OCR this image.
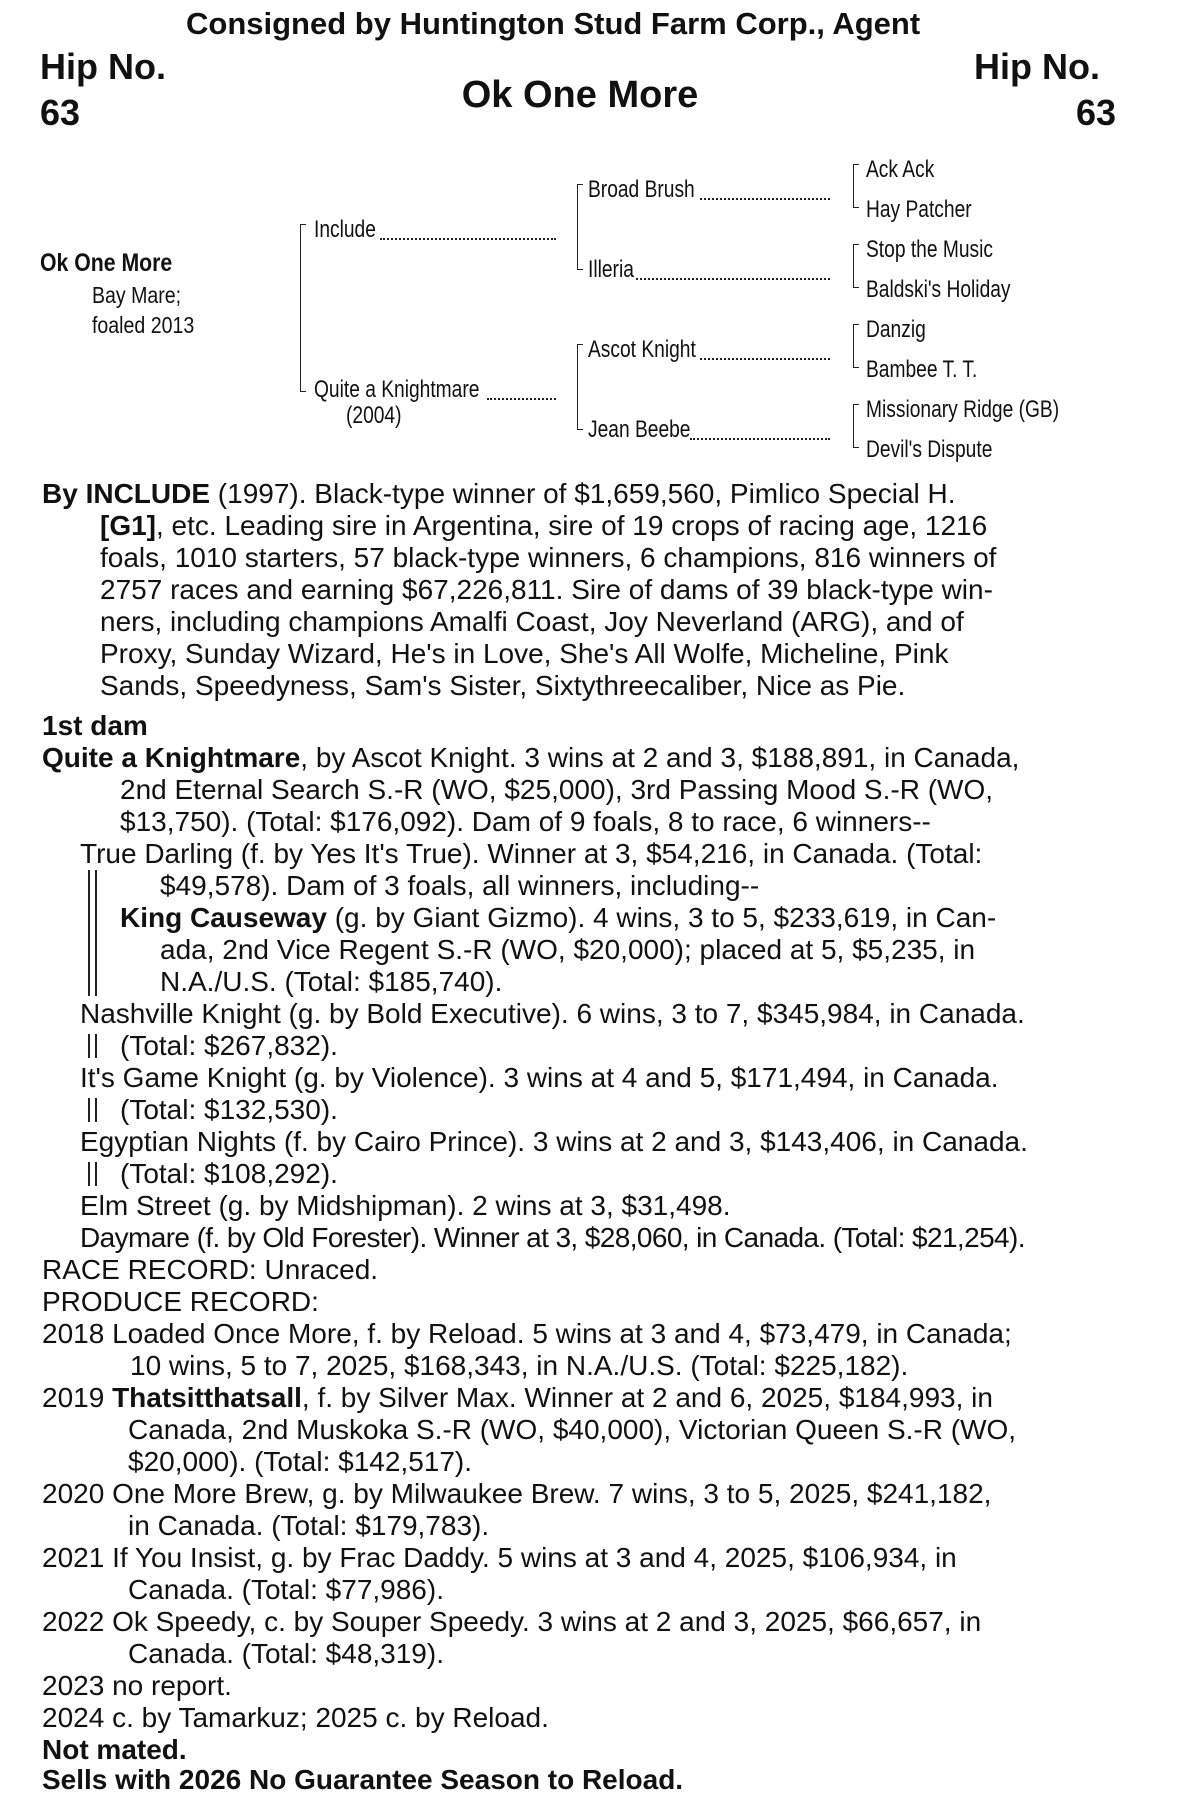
Consigned by Huntington Stud Farm Corp., Agent
Hip No.
63
Hip No.
63
Ok One More
Ok One More
Bay Mare;
foaled 2013
Include
Quite a Knightmare
(2004)
Broad Brush
Illeria
Ascot Knight
Jean Beebe
Ack Ack
Hay Patcher
Stop the Music
Baldski's Holiday
Danzig
Bambee T. T.
Missionary Ridge (GB)
Devil's Dispute
By INCLUDE (1997). Black-type winner of $1,659,560, Pimlico Special H.
[G1], etc. Leading sire in Argentina, sire of 19 crops of racing age, 1216
foals, 1010 starters, 57 black-type winners, 6 champions, 816 winners of
2757 races and earning $67,226,811. Sire of dams of 39 black-type win-
ners, including champions Amalfi Coast, Joy Neverland (ARG), and of
Proxy, Sunday Wizard, He's in Love, She's All Wolfe, Micheline, Pink
Sands, Speedyness, Sam's Sister, Sixtythreecaliber, Nice as Pie.
1st dam
Quite a Knightmare, by Ascot Knight. 3 wins at 2 and 3, $188,891, in Canada,
2nd Eternal Search S.-R (WO, $25,000), 3rd Passing Mood S.-R (WO,
$13,750). (Total: $176,092). Dam of 9 foals, 8 to race, 6 winners--
True Darling (f. by Yes It's True). Winner at 3, $54,216, in Canada. (Total:
$49,578). Dam of 3 foals, all winners, including--
King Causeway (g. by Giant Gizmo). 4 wins, 3 to 5, $233,619, in Can-
ada, 2nd Vice Regent S.-R (WO, $20,000); placed at 5, $5,235, in
N.A./U.S. (Total: $185,740).
Nashville Knight (g. by Bold Executive). 6 wins, 3 to 7, $345,984, in Canada.
(Total: $267,832).
It's Game Knight (g. by Violence). 3 wins at 4 and 5, $171,494, in Canada.
(Total: $132,530).
Egyptian Nights (f. by Cairo Prince). 3 wins at 2 and 3, $143,406, in Canada.
(Total: $108,292).
Elm Street (g. by Midshipman). 2 wins at 3, $31,498.
Daymare (f. by Old Forester). Winner at 3, $28,060, in Canada. (Total: $21,254).
RACE RECORD: Unraced.
PRODUCE RECORD:
2018 Loaded Once More, f. by Reload. 5 wins at 3 and 4, $73,479, in Canada;
10 wins, 5 to 7, 2025, $168,343, in N.A./U.S. (Total: $225,182).
2019 Thatsitthatsall, f. by Silver Max. Winner at 2 and 6, 2025, $184,993, in
Canada, 2nd Muskoka S.-R (WO, $40,000), Victorian Queen S.-R (WO,
$20,000). (Total: $142,517).
2020 One More Brew, g. by Milwaukee Brew. 7 wins, 3 to 5, 2025, $241,182,
in Canada. (Total: $179,783).
2021 If You Insist, g. by Frac Daddy. 5 wins at 3 and 4, 2025, $106,934, in
Canada. (Total: $77,986).
2022 Ok Speedy, c. by Souper Speedy. 3 wins at 2 and 3, 2025, $66,657, in
Canada. (Total: $48,319).
2023 no report.
2024 c. by Tamarkuz; 2025 c. by Reload.
Not mated.
Sells with 2026 No Guarantee Season to Reload.
